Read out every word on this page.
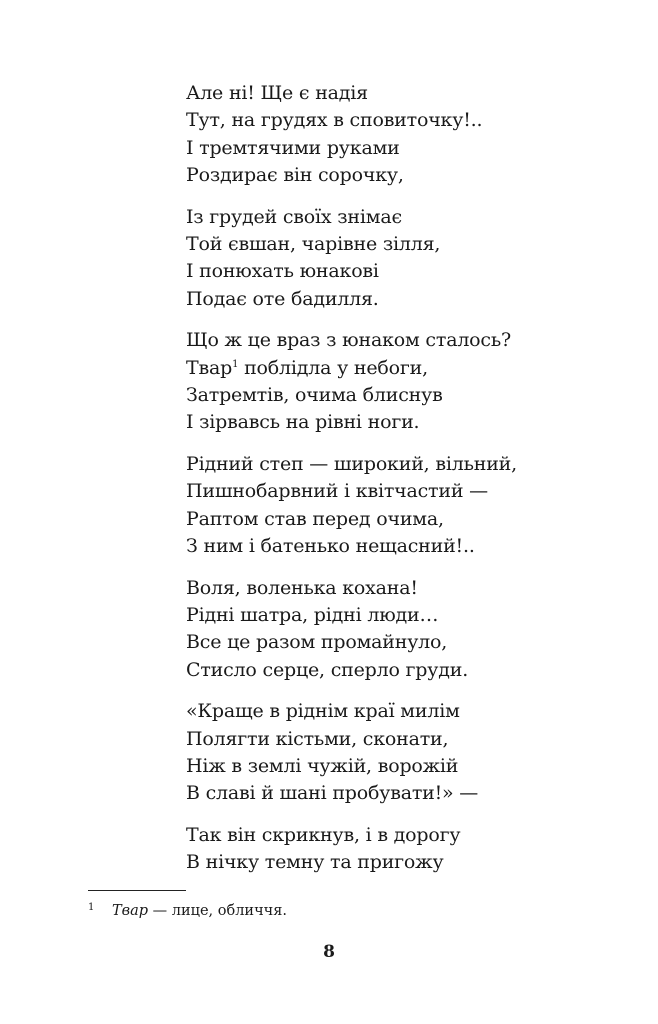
Але ні! Ще є надія
Тут, на грудях в сповиточку!..
І тремтячими руками
Роздирає він сорочку,
Із грудей своїх знімає
Той євшан, чарівне зілля,
І понюхать юнакові
Подає оте бадилля.
Що ж це враз з юнаком сталось?
Твар$^1$ поблідла у небоги,
Затремтів, очима блиснув
І зірвавсь на рівні ноги.
Рідний степ — широкий, вільний,
Пишнобарвний і квітчастий —
Раптом став перед очима,
З ним і батенько нещасний!..
Воля, воленька кохана!
Рідні шатра, рідні люди…
Все це разом промайнуло,
Стисло серце, сперло груди.
«Краще в ріднім краї милім
Полягти кістьми, сконати,
Ніж в землі чужій, ворожій
В славі й шані пробувати!» —
Так він скрикнув, і в дорогу
В нічку темну та пригожу
1 Твар — лице, обличчя.
8
